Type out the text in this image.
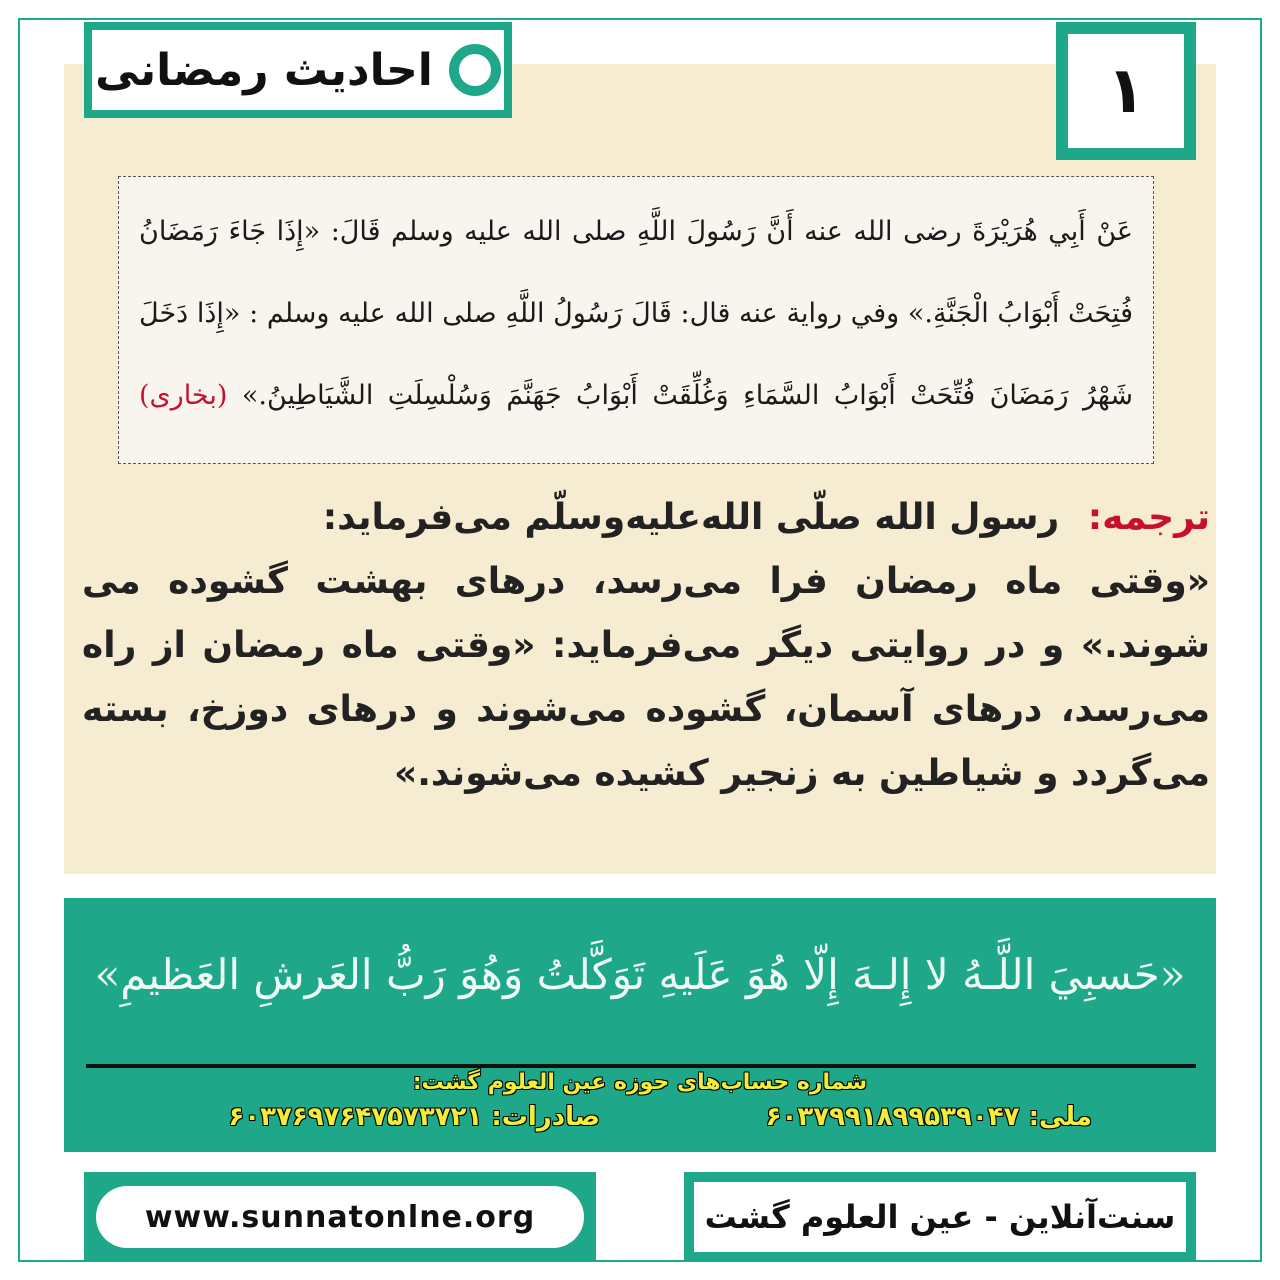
احادیث رمضانی	۱
عَنْ أَبِي هُرَيْرَةَ رضى الله عنه أَنَّ رَسُولَ اللَّهِ صلى الله عليه وسلم قَالَ: «إِذَا جَاءَ رَمَضَانُ فُتِحَتْ أَبْوَابُ الْجَنَّةِ.» وفي رواية عنه قال: قَالَ رَسُولُ اللَّهِ صلى الله عليه وسلم : «إِذَا دَخَلَ شَهْرُ رَمَضَانَ فُتِّحَتْ أَبْوَابُ السَّمَاءِ وَغُلِّقَتْ أَبْوَابُ جَهَنَّمَ وَسُلْسِلَتِ الشَّيَاطِينُ.» (بخاری)
ترجمه: رسول الله صلّی الله‌علیه‌وسلّم می‌فرماید:
«وقتی ماه رمضان فرا می‌رسد، درهای بهشت گشوده می شوند.» و در روایتی دیگر می‌فرماید: «وقتی ماه رمضان از راه می‌رسد، درهای آسمان، گشوده می‌شوند و درهای دوزخ، بسته می‌گردد و شیاطین به زنجیر کشیده می‌شوند.»
«حَسبِيَ اللَّـهُ لا إِلـهَ إِلّا هُوَ عَلَيهِ تَوَكَّلتُ وَهُوَ رَبُّ العَرشِ العَظيمِ»
شماره حساب‌های حوزه عین العلوم گشت:
ملی: ۶۰۳۷۹۹۱۸۹۹۵۳۹۰۴۷
صادرات: ۶۰۳۷۶۹۷۶۴۷۵۷۳۷۲۱
www.sunnatonlne.org	سنت‌آنلاین - عین العلوم گشت
